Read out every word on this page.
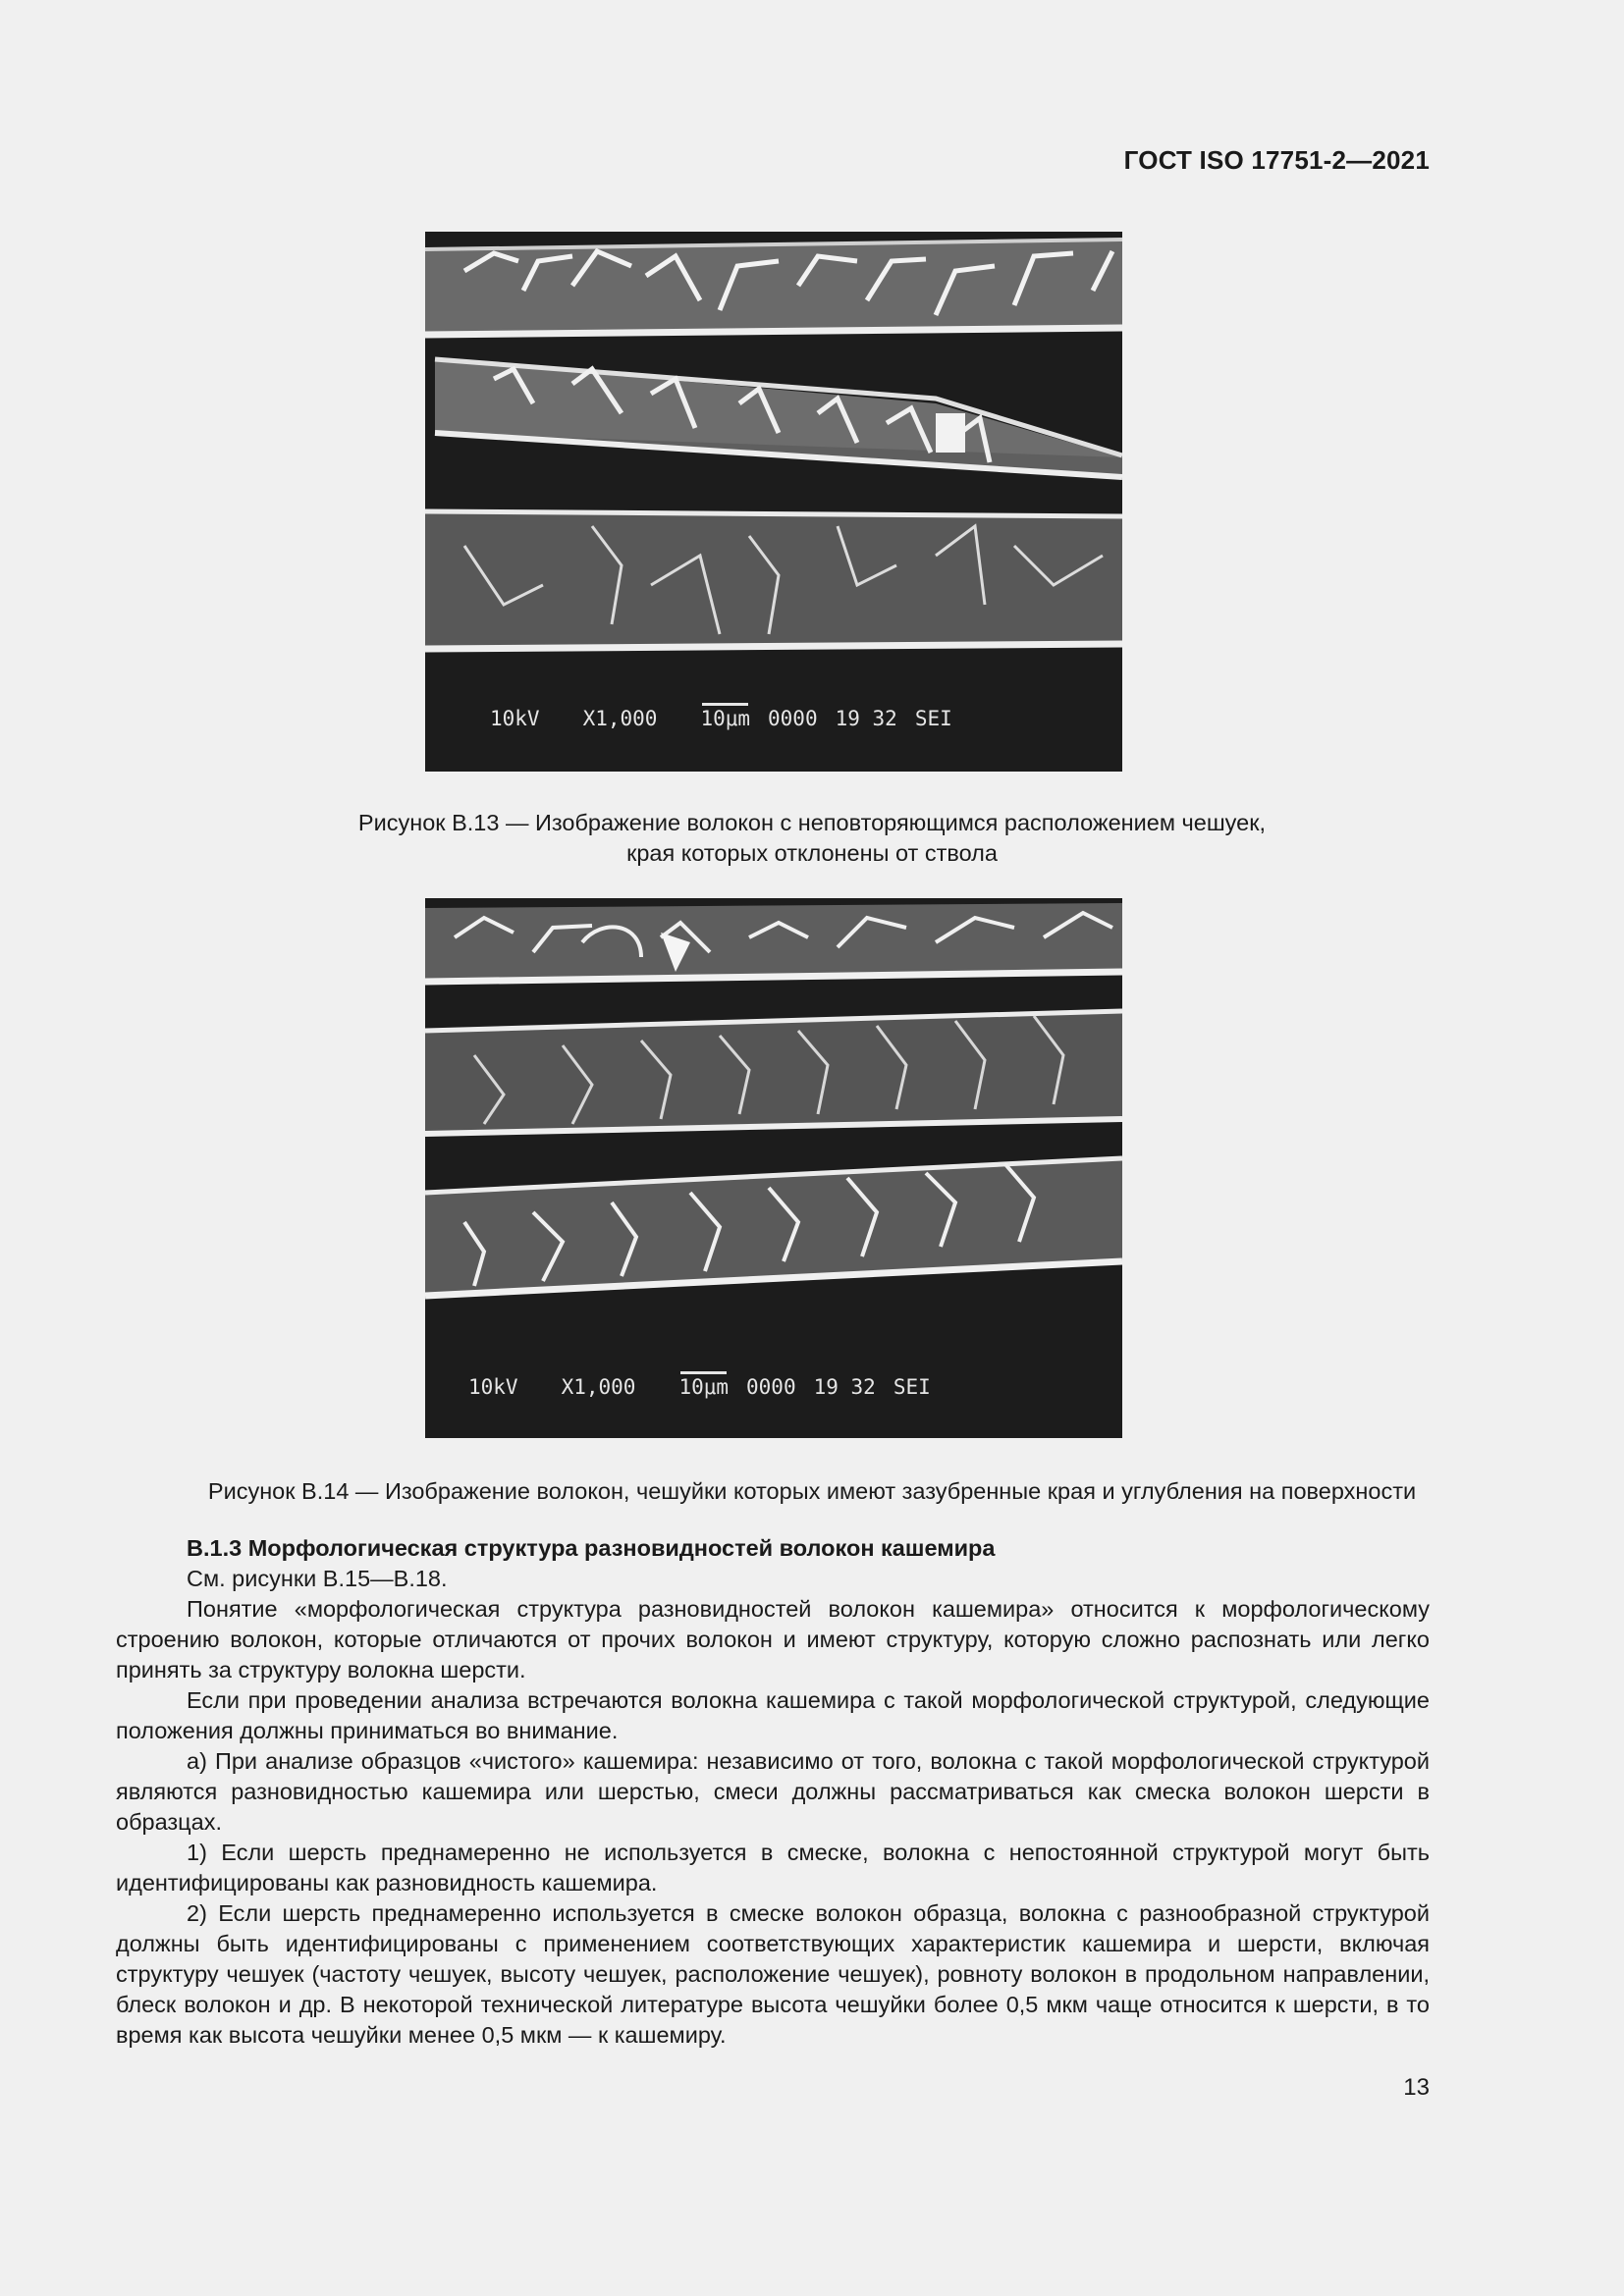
ГОСТ ISO 17751-2—2021
10kV X1,000 10μm 0000 19 32 SEI
Рисунок В.13 — Изображение волокон с неповторяющимся расположением чешуек,
края которых отклонены от ствола
10kV X1,000 10μm 0000 19 32 SEI
Рисунок В.14 — Изображение волокон, чешуйки которых имеют зазубренные края и углубления на поверхности

В.1.3 Морфологическая структура разновидностей волокон кашемира

См. рисунки В.15—В.18.

Понятие «морфологическая структура разновидностей волокон кашемира» относится к морфологическому строению волокон, которые отличаются от прочих волокон и имеют структуру, которую сложно распознать или легко принять за структуру волокна шерсти.

Если при проведении анализа встречаются волокна кашемира с такой морфологической структурой, следующие положения должны приниматься во внимание.

а) При анализе образцов «чистого» кашемира: независимо от того, волокна с такой морфологической структурой являются разновидностью кашемира или шерстью, смеси должны рассматриваться как смеска волокон шерсти в образцах.

1) Если шерсть преднамеренно не используется в смеске, волокна с непостоянной структурой могут быть идентифицированы как разновидность кашемира.

2) Если шерсть преднамеренно используется в смеске волокон образца, волокна с разнообразной структурой должны быть идентифицированы с применением соответствующих характеристик кашемира и шерсти, включая структуру чешуек (частоту чешуек, высоту чешуек, расположение чешуек), ровноту волокон в продольном направлении, блеск волокон и др. В некоторой технической литературе высота чешуйки более 0,5 мкм чаще относится к шерсти, в то время как высота чешуйки менее 0,5 мкм — к кашемиру.

13
